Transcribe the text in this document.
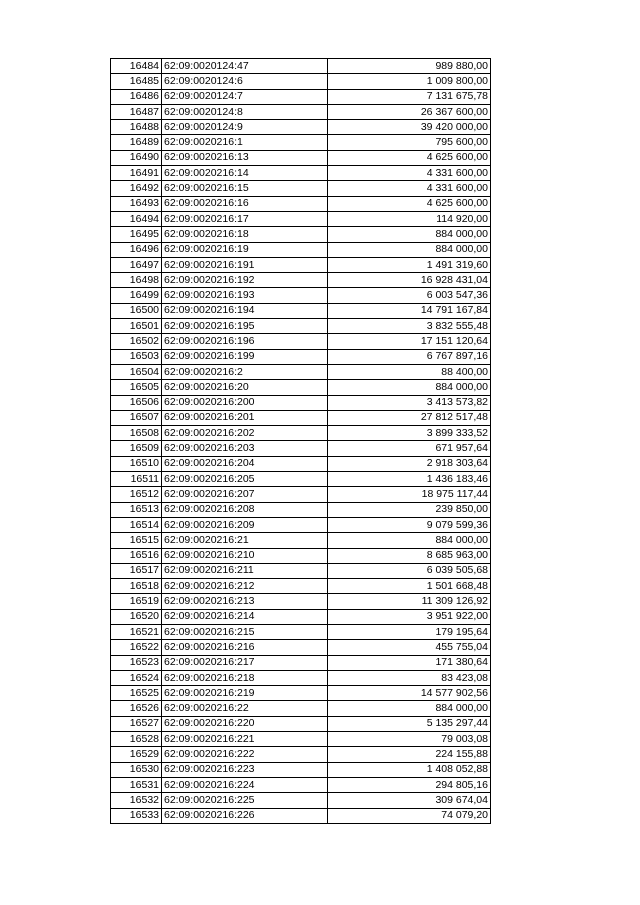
16484	62:09:0020124:47	989 880,00
16485	62:09:0020124:6	1 009 800,00
16486	62:09:0020124:7	7 131 675,78
16487	62:09:0020124:8	26 367 600,00
16488	62:09:0020124:9	39 420 000,00
16489	62:09:0020216:1	795 600,00
16490	62:09:0020216:13	4 625 600,00
16491	62:09:0020216:14	4 331 600,00
16492	62:09:0020216:15	4 331 600,00
16493	62:09:0020216:16	4 625 600,00
16494	62:09:0020216:17	114 920,00
16495	62:09:0020216:18	884 000,00
16496	62:09:0020216:19	884 000,00
16497	62:09:0020216:191	1 491 319,60
16498	62:09:0020216:192	16 928 431,04
16499	62:09:0020216:193	6 003 547,36
16500	62:09:0020216:194	14 791 167,84
16501	62:09:0020216:195	3 832 555,48
16502	62:09:0020216:196	17 151 120,64
16503	62:09:0020216:199	6 767 897,16
16504	62:09:0020216:2	88 400,00
16505	62:09:0020216:20	884 000,00
16506	62:09:0020216:200	3 413 573,82
16507	62:09:0020216:201	27 812 517,48
16508	62:09:0020216:202	3 899 333,52
16509	62:09:0020216:203	671 957,64
16510	62:09:0020216:204	2 918 303,64
16511	62:09:0020216:205	1 436 183,46
16512	62:09:0020216:207	18 975 117,44
16513	62:09:0020216:208	239 850,00
16514	62:09:0020216:209	9 079 599,36
16515	62:09:0020216:21	884 000,00
16516	62:09:0020216:210	8 685 963,00
16517	62:09:0020216:211	6 039 505,68
16518	62:09:0020216:212	1 501 668,48
16519	62:09:0020216:213	11 309 126,92
16520	62:09:0020216:214	3 951 922,00
16521	62:09:0020216:215	179 195,64
16522	62:09:0020216:216	455 755,04
16523	62:09:0020216:217	171 380,64
16524	62:09:0020216:218	83 423,08
16525	62:09:0020216:219	14 577 902,56
16526	62:09:0020216:22	884 000,00
16527	62:09:0020216:220	5 135 297,44
16528	62:09:0020216:221	79 003,08
16529	62:09:0020216:222	224 155,88
16530	62:09:0020216:223	1 408 052,88
16531	62:09:0020216:224	294 805,16
16532	62:09:0020216:225	309 674,04
16533	62:09:0020216:226	74 079,20
